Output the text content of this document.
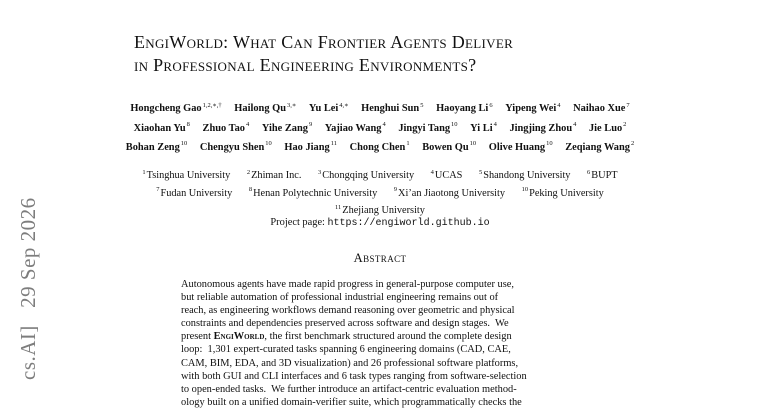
cs.AI]   29 Sep 2026
EngiWorld: What Can Frontier Agents Deliver
in Professional Engineering Environments?
Hongcheng Gao$^{1,2,∗,\dagger}$ Hailong $Qu^{3,∗}$ Yu Lei$^{4,∗}$ Henghui Sun$^5$ Haoyang Li$^6$ Yipeng Wei$^4$ Naihao Xue$^7$ Xiaohan Yu$^8$ Zhuo Tao$^4$ Yihe Zang$^9$ Yajiao Wang$^4$ Jingyi Tang$^{10}$ Yi Li$^4$ Jingjing Zhou$^4$ Jie Luo$^2$ Bohan Zeng$^{10}$ Chengyu Shen$^{10}$ Hao Jiang$^{11}$ Chong Chen$^1$ Bowen Qu$^{10}$ Olive Huang$^{10}$ Zeqiang Wang$^2$
$^1$Tsinghua University	$^2$Zhiman Inc.	$^3$Chongqing University	$^4$UCAS	$^5$Shandong University	$^6$BUPT $^7$Fudan University	$^8$Henan Polytechnic University	$^9$Xi’an Jiaotong University	$^{10}$Peking University $^{11}$Zhejiang University
Project page: https://engiworld.github.io
Abstract
Autonomous agents have made rapid progress in general-purpose computer use,
but reliable automation of professional industrial engineering remains out of
reach, as engineering workflows demand reasoning over geometric and physical
constraints and dependencies preserved across software and design stages.  We
present EngiWorld, the first benchmark structured around the complete design
loop:  1,301 expert-curated tasks spanning 6 engineering domains (CAD, CAE,
CAM, BIM, EDA, and 3D visualization) and 26 professional software platforms,
with both GUI and CLI interfaces and 6 task types ranging from software-selection
to open-ended tasks.  We further introduce an artifact-centric evaluation method-
ology built on a unified domain-verifier suite, which programmatically checks the
